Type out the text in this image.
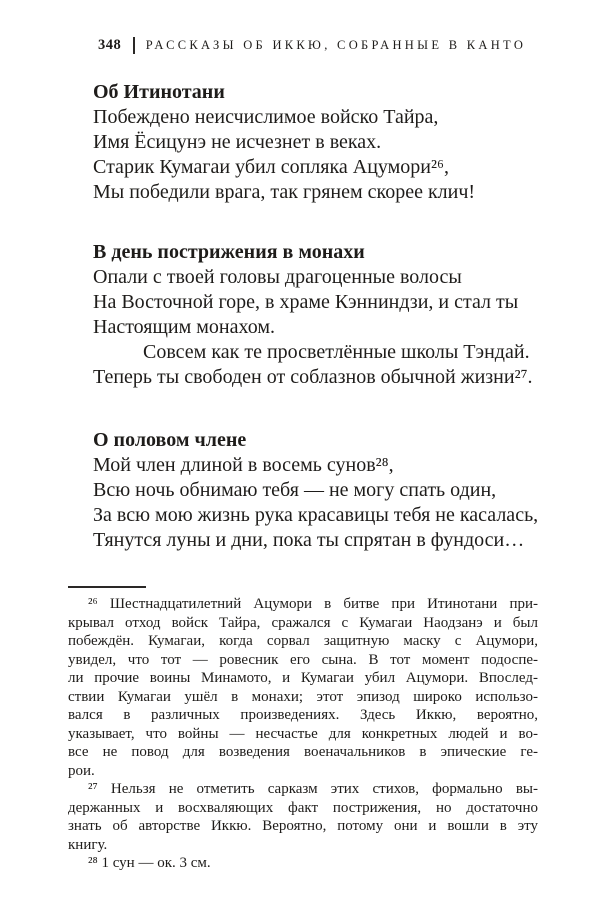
348 РАССКАЗЫ ОБ ИККЮ, СОБРАННЫЕ В КАНТО
Об Итинотани
Побеждено неисчислимое войско Тайра,
Имя Ёсицунэ не исчезнет в веках.
Старик Кумагаи убил сопляка Ацумори²⁶,
Мы победили врага, так грянем скорее клич!
В день пострижения в монахи
Опали с твоей головы драгоценные волосы
На Восточной горе, в храме Кэнниндзи, и стал ты
Настоящим монахом.
   Совсем как те просветлённые школы Тэндай.
Теперь ты свободен от соблазнов обычной жизни²⁷.
О половом члене
Мой член длиной в восемь сунов²⁸,
Всю ночь обнимаю тебя — не могу спать один,
За всю мою жизнь рука красавицы тебя не касалась,
Тянутся луны и дни, пока ты спрятан в фундоси…
²⁶ Шестнадцатилетний Ацумори в битве при Итинотани при-
крывал отход войск Тайра, сражался с Кумагаи Наодзанэ и был
побеждён. Кумагаи, когда сорвал защитную маску с Ацумори,
увидел, что тот — ровесник его сына. В тот момент подоспе-
ли прочие воины Минамото, и Кумагаи убил Ацумори. Впослед-
ствии Кумагаи ушёл в монахи; этот эпизод широко использо-
вался в различных произведениях. Здесь Иккю, вероятно,
указывает, что войны — несчастье для конкретных людей и во-
все не повод для возведения военачальников в эпические ге-
рои.
²⁷ Нельзя не отметить сарказм этих стихов, формально вы-
держанных и восхваляющих факт пострижения, но достаточно
знать об авторстве Иккю. Вероятно, потому они и вошли в эту
книгу.
²⁸ 1 сун — ок. 3 см.
